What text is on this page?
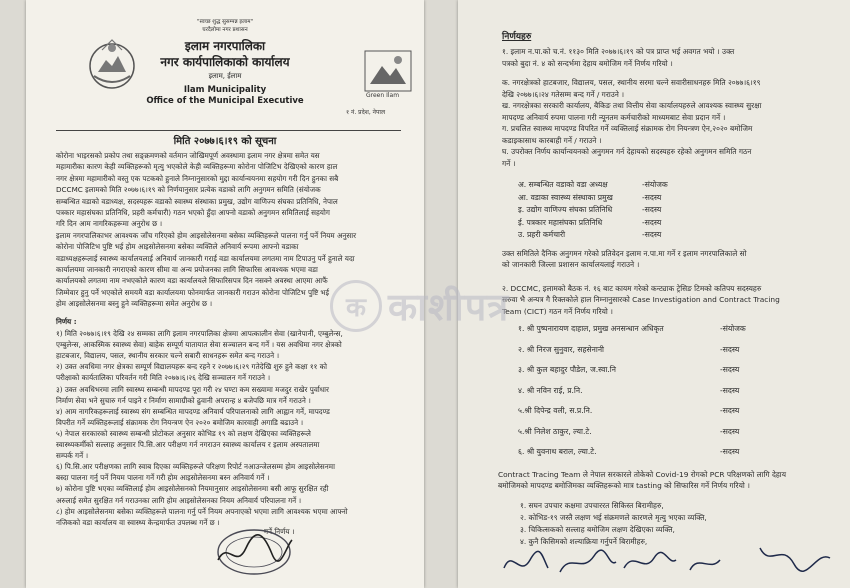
"स्वच्छ शुद्ध सुसम्पन्न इलाम"
घरदैलोमा नगर प्रशासन
इलाम नगरपालिका
नगर कार्यपालिकाको कार्यालय
इलाम, ईलाम
Ilam Municipality
Office of the Municipal Executive
Green Ilam
१ नं. प्रदेश, नेपाल
मिति २०७७।६।१९ को सूचना
निर्णय :
गर्ने निर्णय ।
कोरोना भाइरसको प्रकोप तथा सङ्क्रमणको वर्तमान जोखिमपूर्ण अवस्थामा इलाम नगर क्षेत्रमा समेत यस
महामारीका कारण केही व्यक्तिहरूको मृत्यु भएकोले केही व्यक्तिहरूमा कोरोना पोजिटिभ देखिएको कारण हाल
नगर क्षेत्रमा महामारीको वस्तु एक पटकको हुनाले निम्नानुसारको मुद्दा कार्यान्वयनमा सहयोग गरी दिन हुनका सबै
DCCMC इलामको मिति २०७७।६।१९ को निर्णयानुसार प्रत्येक वडाको लागि अनुगमन समिति (संयोजक
सम्बन्धित वडाको वडाध्यक्ष, सदस्यहरू वडाको स्वास्थ्य संस्थाका प्रमुख, उद्योग वाणिज्य संघका प्रतिनिधि, नेपाल
पत्रकार महासंघका प्रतिनिधि, प्रहरी कर्मचारी) गठन भएको हुँदा आफ्नो वडाको अनुगमन समितिलाई सहयोग
गरि दिन आम नागरिकहरूमा अनुरोध छ ।
इलाम नगरपालिकाभर आवश्यक जाँच गरिएको होम आइसोलेसनमा बसेका व्यक्तिहरूले पालना गर्नु पर्ने नियम अनुसार
कोरोना पोजिटिभ पुष्टि भई होम आइसोलेसनमा बसेका व्यक्तिले अनिवार्य रूपमा आफ्नो वडाका
वडाध्यक्षहरूलाई स्वास्थ्य कार्यालयलाई अनिवार्य जानकारी गराई वडा कार्यालयमा लगतमा नाम टिपाउनु पर्ने हुनाले यदा
कार्यालयमा जानकारी नगराएको कारण सीमा वा अन्य प्रयोजनका लागि सिफारिस आवश्यक भएमा वडा
कार्यालयको लगतमा नाम नभएकोले कारण वडा कार्यालयले सिफारिसपत्र दिन नसक्ने अवस्था आएमा आफैं
जिम्मेवार हुनु पर्ने भएकोले समयमै वडा कार्यालयमा फोनमार्फत जानकारी गराउन कोरोना पोजिटिभ पुष्टि भई
होम आइसोलेसनमा बस्नु हुने व्यक्तिहरूमा समेत अनुरोध छ ।
१) मिति २०७७।६।१९ देखि २४ सम्मका लागि इलाम नगरपालिका क्षेत्रमा आपत्कालीन सेवा (खानेपानी, एम्बुलेन्स,
एम्बुलेन्स, आकस्मिक स्वास्थ्य सेवा) बाहेक सम्पूर्ण यातायात सेवा सञ्चालन बन्द गर्ने । यस अवधिमा नगर क्षेत्रको
हाटबजार, विद्यालय, पसल, स्थानीय सरकार चल्ने सबारी साधनहरू समेत बन्द गराउने ।
२) उक्त अवधिमा नगर क्षेत्रका सम्पूर्ण विद्यालयहरू बन्द रहने र २०७७।६।२९ गतेदेखि शुरु हुने कक्षा ११ को
परीक्षाको कार्यतालिका परिवर्तन गरी मिति २०७७।६।२६ देखि सञ्चालन गर्ने गराउने ।
३) उक्त अवधिभरमा लागि स्वास्थ्य सम्बन्धी मापदण्ड पूरा गरी २४ घण्टा कम सख्यामा मजदुर राखेर पुर्वाधार
निर्माण सेवा भने सुचारु गर्न पाइने र निर्माण सामाग्रीको ढुवानी अपरान्ह ४ बजेपछि मात्र गर्ने गराउने ।
४) आम नागरिकहरूलाई स्वास्थ्य संग सम्बन्धित मापदण्ड अनिवार्य परिपालनाको लागि आह्वान गर्ने, मापदण्ड
विपरीत गर्ने व्यक्तिहरूलाई संक्रामक रोग नियन्त्रण ऐन २०२० बमोजिम कारवाही अगाडि बढाउने ।
५) नेपाल सरकारको स्वास्थ्य सम्बन्धी प्रोटोकल अनुसार कोभिड १९ को लक्षण देखिएका व्यक्तिहरूले
स्वास्थ्यकर्मीको सल्लाह अनुसार पि.सि.आर परीक्षण गर्न नगराउन स्वास्थ्य कार्यालय र इलाम अस्पतालमा
सम्पर्क गर्ने ।
६) पि.सि.आर परीक्षणका लागि स्वाब दिएका व्यक्तिहरूले परिक्षण रिपोर्ट नआउन्जेलसम्म होम आइसोलेसनमा
बस्दा पालना गर्नु पर्ने नियम पालना गर्ने गरी होम आइसोलेसनमा बस्न अनिवार्य गर्ने ।
७) कोरोना पुष्टि भएका व्यक्तिलाई होम आइसोलेसनको नियमानुसार आइसोलेसनमा बसी आफू सुरक्षित रही
अरुलाई समेत सुरक्षित गर्न गराउनका लागि होम आइसोलेसनका नियम अनिवार्य परिपालना गर्ने ।
८) होम आइसोलेसनमा बसेका व्यक्तिहरूले पालना गर्नु पर्ने नियम अपनाएको भएमा लागि आवश्यक भएमा आफ्नो
नजिकको वडा कार्यालय वा स्वास्थ्य केन्द्रमार्फत उपलब्ध गर्ने छ ।
निर्णयहरु
१. इलाम न.पा.को च.नं. ११३० मिति २०७७।६।१९ को पत्र प्राप्त भई अवगत भयो । उक्त
पत्रको बुदा नं. ४ को सन्दर्भमा देहाय बमोजिम गर्ने निर्णय गरियो ।
क. नगरक्षेत्रको हाटबजार, विद्यालय, पसल, स्थानीय सरमा चल्ने सवारीसाधनहरु मिति २०७७।६।१९
देखि २०७७।६।२४ गतेसम्म बन्द गर्ने / गराउने ।
ख. नगरक्षेत्रका सरकारी कार्यालय, बैकिङ तथा वित्तीय सेवा कार्यालयहरुले आवश्यक स्वास्थ्य सुरक्षा
मापदण्ड अनिवार्य रुपमा पालना गरी न्यूनतम कर्मचारीको माध्यमबाट सेवा प्रदान गर्ने ।
ग. प्रचलित स्वास्थ्य मापदण्ड विपरित गर्ने व्यक्तिलाई संक्रामक रोग नियन्त्रण ऐन,२०२० बमोजिम
कडाइकासाथ कारबाही गर्ने / गराउने ।
घ. उपरोक्त निर्णय कार्यान्वयनको अनुगमन गर्न देहायको सदस्यहरु रहेको अनुगमन समिति गठन
गर्ने ।
अ. सम्बन्धित वडाको वडा अध्यक्ष	-संयोजक
आ. वडाका स्वास्थ्य संस्थाका प्रमुख	-सदस्य
इ. उद्योग वाणिज्य संघका प्रतिनिधि	-सदस्य
ई. पत्रकार महासंघका प्रतिनिधि	-सदस्य
उ. प्रहरी कर्मचारी	-सदस्य
उक्त समितिले दैनिक अनुगमन गरेको प्रतिवेदन इलाम न.पा.मा गर्ने र इलाम नगरपालिकाले सो
को जानकारी जिल्ला प्रशासन कार्यालयलाई गराउने ।
२. DCCMC, इलामको बैठक नं. १६ बाट कायम गरेको कन्ट्याक ट्रेसिङ टिमको कतिपय सदस्यहरु
सरुवा भै अन्यत्र गै रिक्तकोले हाल निम्नानुसारको Case Investigation and Contract Tracing
Team (CICT) गठन गर्ने निर्णय गरियो ।
१. श्री पुष्पनारायण दाहाल, प्रमुख अनसन्धान अधिकृत	-संयोजक
२. श्री निरज सुनुवार, सहसेनानी	-सदस्य
३. श्री कुल बहादुर पौडेल, ज.स्वा.नि	-सदस्य
४. श्री नविन राई, प्र.नि.	-सदस्य
५.श्री दिपेन्द्र वली, स.प्र.नि.	-सदस्य
५.श्री निलेश ठाकुर, ल्या.टे.	-सदस्य
६. श्री युवनाथ बराल, ल्या.टे.	-सदस्य
Contract Tracing Team ले नेपाल सरकारले तोकेको Covid-19 रोगको PCR परिक्षणको लागि देहाय
बमोजिमको मापदण्ड बमोजिमका व्यक्तिहरूको मात्र tasting को सिफारिस गर्ने निर्णय गरियो ।
१. सघन उपचार कक्षमा उपचाररत सिकिस्त बिरामीहरु,
२. कोभिड-१९ जस्तै लक्षण भई संक्रमणले कारणले मृत्यु भएका व्यक्ति,
३. चिकित्सकको सल्लाह बमोजिम लक्षण देखिएका व्यक्ति,
४. कुनै किसिमको शल्याक्रिया गर्नुपर्ने बिरामीहरु,
क काशीपत्र
